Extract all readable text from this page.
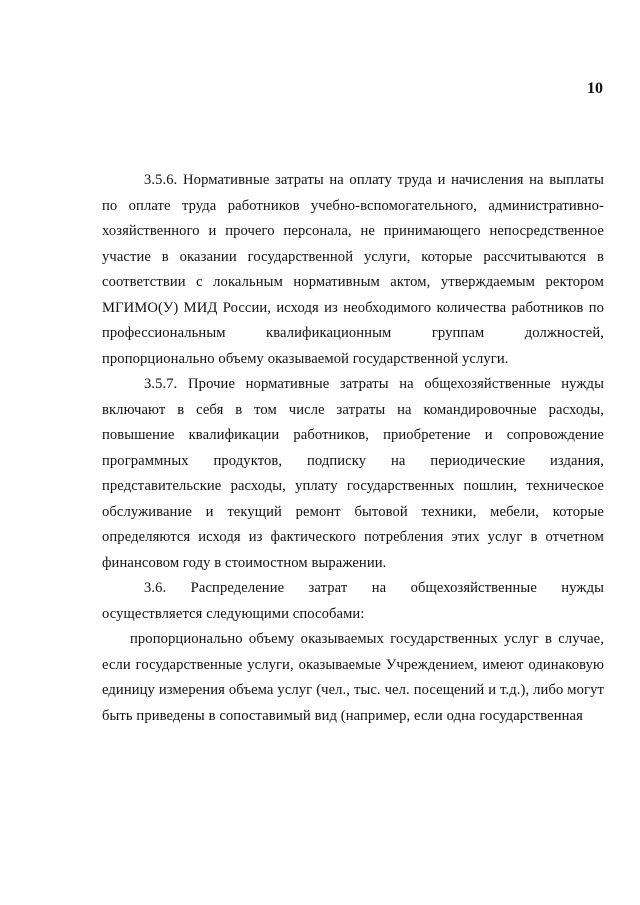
10

3.5.6. Нормативные затраты на оплату труда и начисления на выплаты по оплате труда работников учебно-вспомогательного, административно-хозяйственного и прочего персонала, не принимающего непосредственное участие в оказании государственной услуги, которые рассчитываются в соответствии с локальным нормативным актом, утверждаемым ректором МГИМО(У) МИД России, исходя из необходимого количества работников по профессиональным квалификационным группам должностей, пропорционально объему оказываемой государственной услуги.

3.5.7. Прочие нормативные затраты на общехозяйственные нужды включают в себя в том числе затраты на командировочные расходы, повышение квалификации работников, приобретение и сопровождение программных продуктов, подписку на периодические издания, представительские расходы, уплату государственных пошлин, техническое обслуживание и текущий ремонт бытовой техники, мебели, которые определяются исходя из фактического потребления этих услуг в отчетном финансовом году в стоимостном выражении.

3.6. Распределение затрат на общехозяйственные нужды осуществляется следующими способами:

пропорционально объему оказываемых государственных услуг в случае, если государственные услуги, оказываемые Учреждением, имеют одинаковую единицу измерения объема услуг (чел., тыс. чел. посещений и т.д.), либо могут быть приведены в сопоставимый вид (например, если одна государственная
